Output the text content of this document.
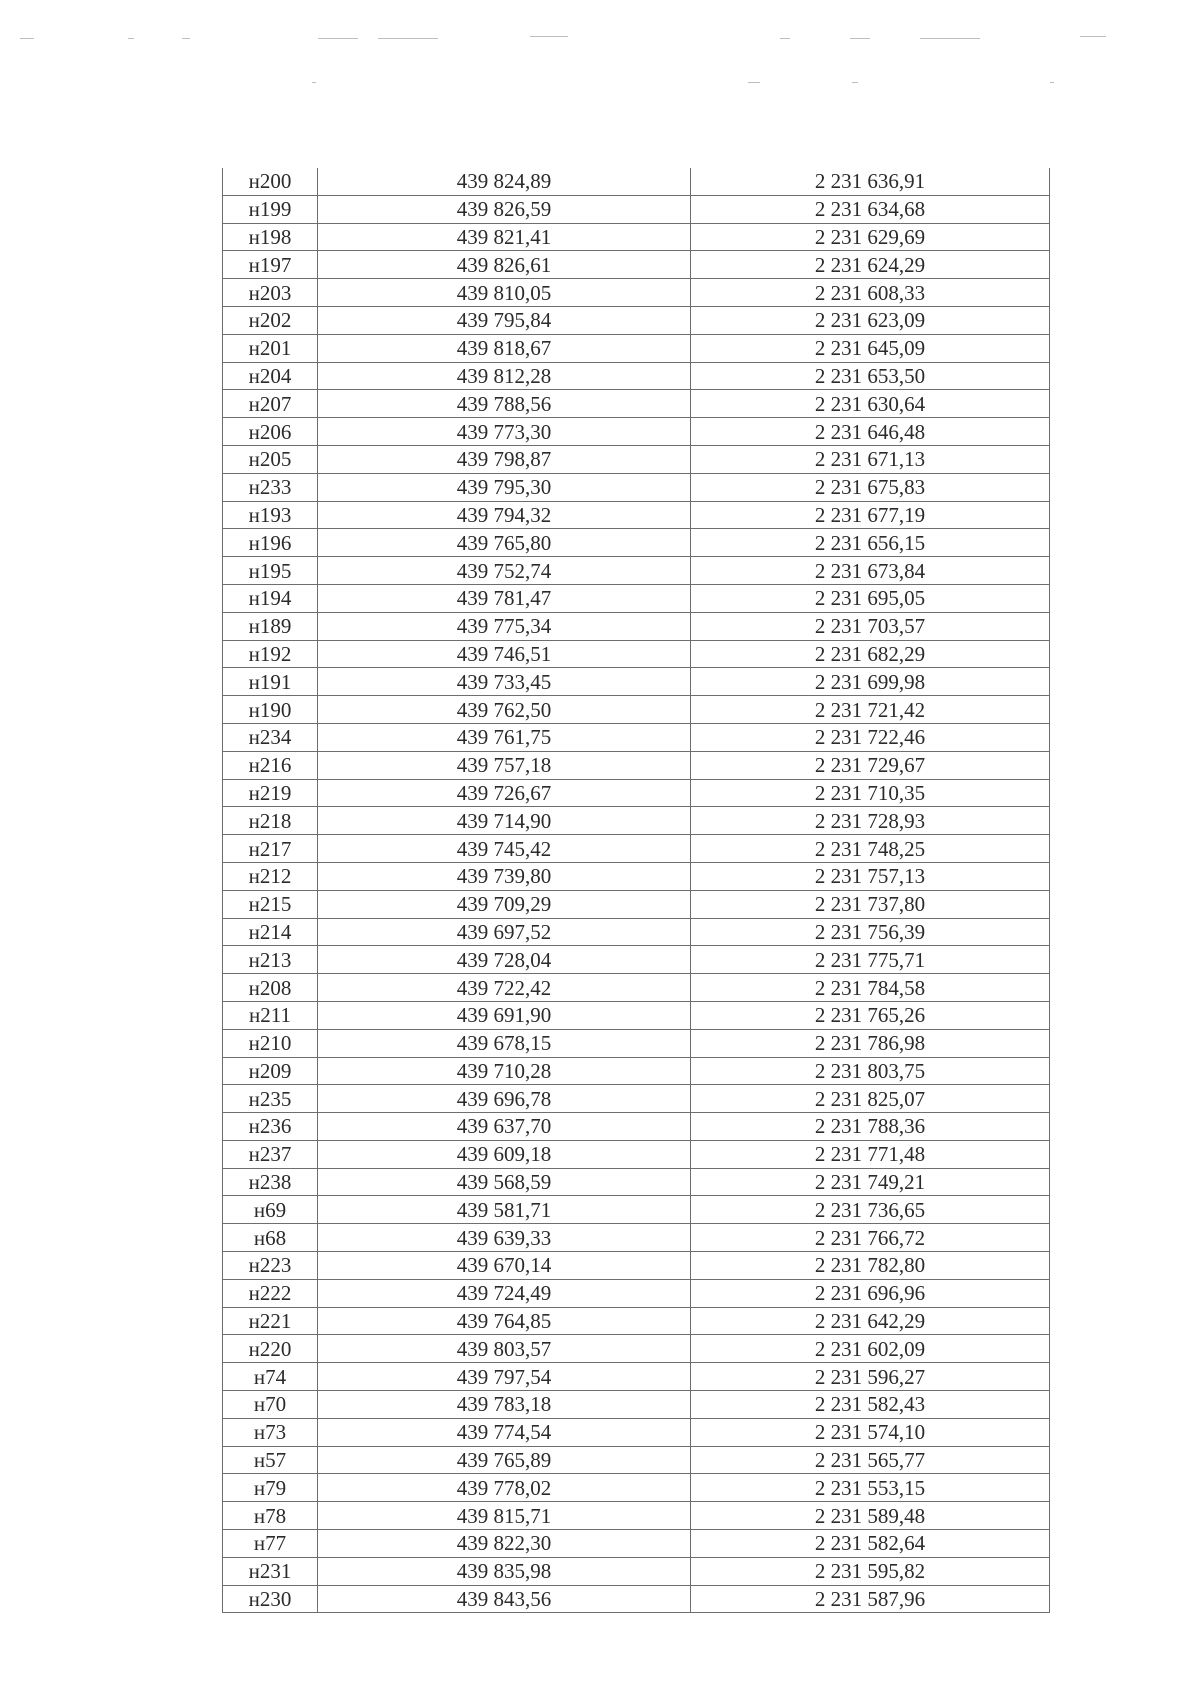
н200	439 824,89	2 231 636,91
н199	439 826,59	2 231 634,68
н198	439 821,41	2 231 629,69
н197	439 826,61	2 231 624,29
н203	439 810,05	2 231 608,33
н202	439 795,84	2 231 623,09
н201	439 818,67	2 231 645,09
н204	439 812,28	2 231 653,50
н207	439 788,56	2 231 630,64
н206	439 773,30	2 231 646,48
н205	439 798,87	2 231 671,13
н233	439 795,30	2 231 675,83
н193	439 794,32	2 231 677,19
н196	439 765,80	2 231 656,15
н195	439 752,74	2 231 673,84
н194	439 781,47	2 231 695,05
н189	439 775,34	2 231 703,57
н192	439 746,51	2 231 682,29
н191	439 733,45	2 231 699,98
н190	439 762,50	2 231 721,42
н234	439 761,75	2 231 722,46
н216	439 757,18	2 231 729,67
н219	439 726,67	2 231 710,35
н218	439 714,90	2 231 728,93
н217	439 745,42	2 231 748,25
н212	439 739,80	2 231 757,13
н215	439 709,29	2 231 737,80
н214	439 697,52	2 231 756,39
н213	439 728,04	2 231 775,71
н208	439 722,42	2 231 784,58
н211	439 691,90	2 231 765,26
н210	439 678,15	2 231 786,98
н209	439 710,28	2 231 803,75
н235	439 696,78	2 231 825,07
н236	439 637,70	2 231 788,36
н237	439 609,18	2 231 771,48
н238	439 568,59	2 231 749,21
н69	439 581,71	2 231 736,65
н68	439 639,33	2 231 766,72
н223	439 670,14	2 231 782,80
н222	439 724,49	2 231 696,96
н221	439 764,85	2 231 642,29
н220	439 803,57	2 231 602,09
н74	439 797,54	2 231 596,27
н70	439 783,18	2 231 582,43
н73	439 774,54	2 231 574,10
н57	439 765,89	2 231 565,77
н79	439 778,02	2 231 553,15
н78	439 815,71	2 231 589,48
н77	439 822,30	2 231 582,64
н231	439 835,98	2 231 595,82
н230	439 843,56	2 231 587,96
